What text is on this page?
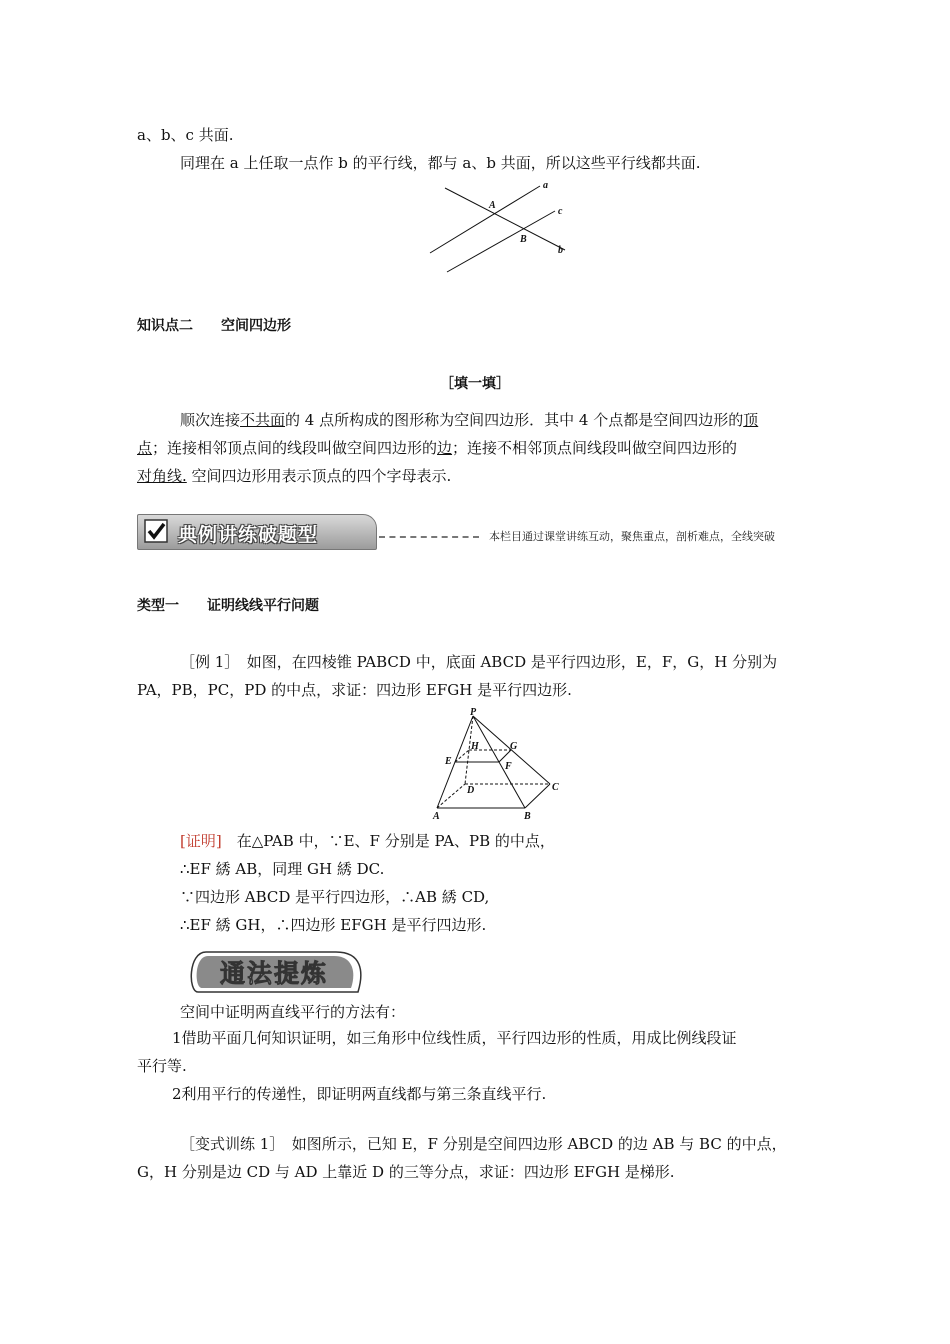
a、b、c 共面.
同理在 a 上任取一点作 b 的平行线，都与 a、b 共面，所以这些平行线都共面.
a
A
c
B
b
知识点二　　空间四边形
［填一填］
顺次连接不共面的 4 点所构成的图形称为空间四边形．其中 4 个点都是空间四边形的顶
点；连接相邻顶点间的线段叫做空间四边形的边；连接不相邻顶点间线段叫做空间四边形的
对角线. 空间四边形用表示顶点的四个字母表示.
典例讲练破题型	本栏目通过课堂讲练互动，聚焦重点，剖析难点，全线突破
类型一　　证明线线平行问题
［例 1］　如图，在四棱锥 PABCD 中，底面 ABCD 是平行四边形，E，F，G，H 分别为
PA，PB，PC，PD 的中点，求证：四边形 EFGH 是平行四边形.
P
H	G
E	F
D	C
A	B
[证明]　在△PAB 中，∵E、F 分别是 PA、PB 的中点，
∴EF 綉 AB，同理 GH 綉 DC.
∵四边形 ABCD 是平行四边形，∴AB 綉 CD,
∴EF 綉 GH，∴四边形 EFGH 是平行四边形.
通法提炼
空间中证明两直线平行的方法有：
1借助平面几何知识证明，如三角形中位线性质，平行四边形的性质，用成比例线段证
平行等.
2利用平行的传递性，即证明两直线都与第三条直线平行.
［变式训练 1］　如图所示，已知 E，F 分别是空间四边形 ABCD 的边 AB 与 BC 的中点，
G，H 分别是边 CD 与 AD 上靠近 D 的三等分点，求证：四边形 EFGH 是梯形.
